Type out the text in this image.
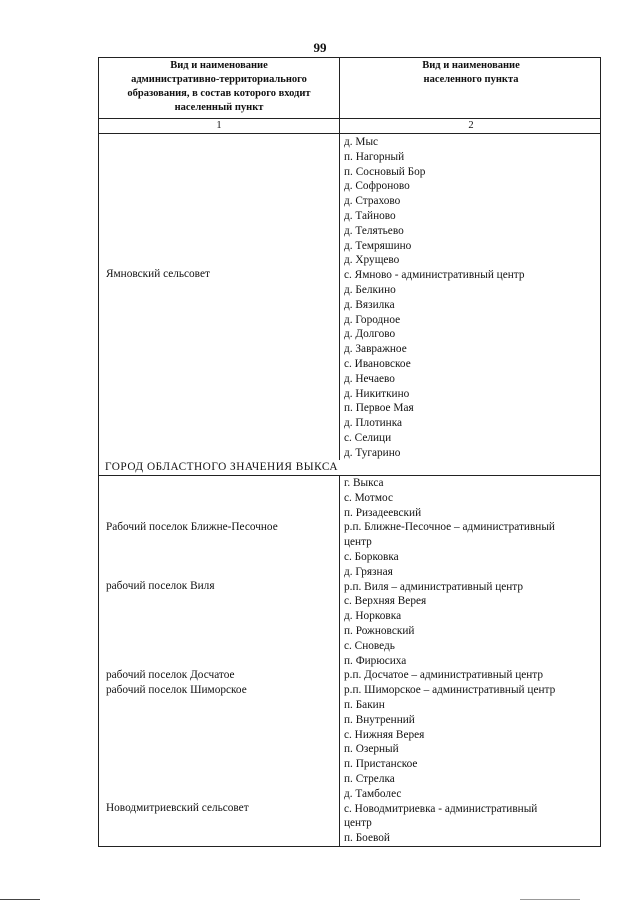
99
Вид и наименование
административно-территориального
образования, в состав которого входит
населенный пункт
Вид и наименование
населенного пункта
1	2
Ямновский сельсовет
д. Мыс
п. Нагорный
п. Сосновый Бор
д. Софроново
д. Страхово
д. Тайново
д. Телятьево
д. Темряшино
д. Хрущево
с. Ямново - административный центр
д. Белкино
д. Вязилка
д. Городное
д. Долгово
д. Завражное
с. Ивановское
д. Нечаево
д. Никиткино
п. Первое Мая
д. Плотинка
с. Селици
д. Тугарино
ГОРОД ОБЛАСТНОГО ЗНАЧЕНИЯ ВЫКСА
Рабочий поселок Ближне-Песочное
рабочий поселок Виля
рабочий поселок Досчатое
рабочий поселок Шиморское
Новодмитриевский сельсовет
г. Выкса
с. Мотмос
п. Ризадеевский
р.п. Ближне-Песочное – административный
центр
с. Борковка
д. Грязная
р.п. Виля – административный центр
с. Верхняя Верея
д. Норковка
п. Рожновский
с. Сноведь
п. Фирюсиха
р.п. Досчатое – административный центр
р.п. Шиморское – административный центр
п. Бакин
п. Внутренний
с. Нижняя Верея
п. Озерный
п. Пристанское
п. Стрелка
д. Тамболес
с. Новодмитриевка - административный
центр
п. Боевой
